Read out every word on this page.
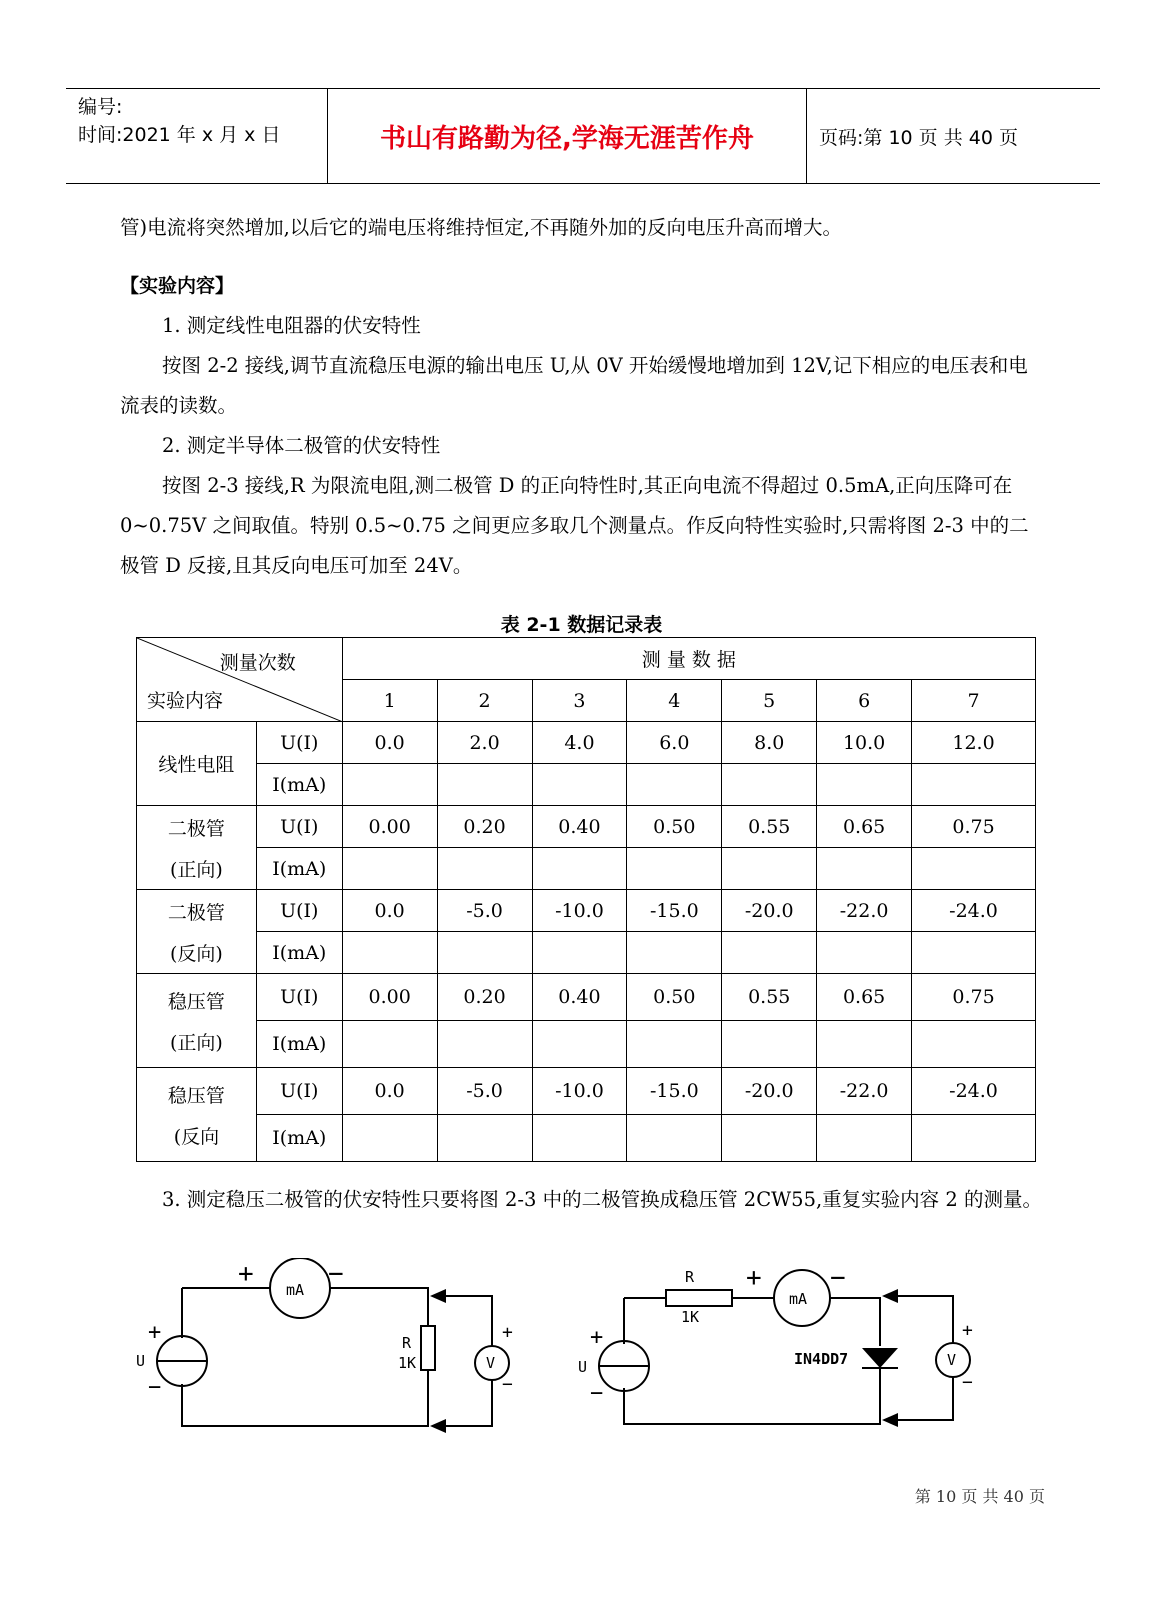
编号:
时间:2021 年 x 月 x 日	书山有路勤为径,学海无涯苦作舟	页码:第 10 页 共 40 页

管)电流将突然增加,以后它的端电压将维持恒定,不再随外加的反向电压升高而增大。

【实验内容】

1. 测定线性电阻器的伏安特性

按图 2-2 接线,调节直流稳压电源的输出电压 U,从 0V 开始缓慢地增加到 12V,记下相应的电压表和电流表的读数。

2. 测定半导体二极管的伏安特性

按图 2-3 接线,R 为限流电阻,测二极管 D 的正向特性时,其正向电流不得超过 0.5mA,正向压降可在 0~0.75V 之间取值。特别 0.5~0.75 之间更应多取几个测量点。作反向特性实验时,只需将图 2-3 中的二极管 D 反接,且其反向电压可加至 24V。

表 2-1 数据记录表
测量次数
实验内容		测 量 数 据						
		1	2	3	4	5	6	7

线性电阻	U(I)	0.0	2.0	4.0	6.0	8.0	10.0	12.0
	I(mA)							

二极管
(正向)	U(I)	0.00	0.20	0.40	0.50	0.55	0.65	0.75
	I(mA)							

二极管
(反向)	U(I)	0.0	-5.0	-10.0	-15.0	-20.0	-22.0	-24.0
	I(mA)							

稳压管
(正向)	U(I)	0.00	0.20	0.40	0.50	0.55	0.65	0.75
	I(mA)							

稳压管
(反向	U(I)	0.0	-5.0	-10.0	-15.0	-20.0	-22.0	-24.0
	I(mA)							

3. 测定稳压二极管的伏安特性只要将图 2-3 中的二极管换成稳压管 2CW55,重复实验内容 2 的测量。

+	−
mA
+
−
U
R
1K	V
+
−
R
1K
+	−
mA
+
−
U	IN4DD7	V
+
−
第 10 页 共 40 页
